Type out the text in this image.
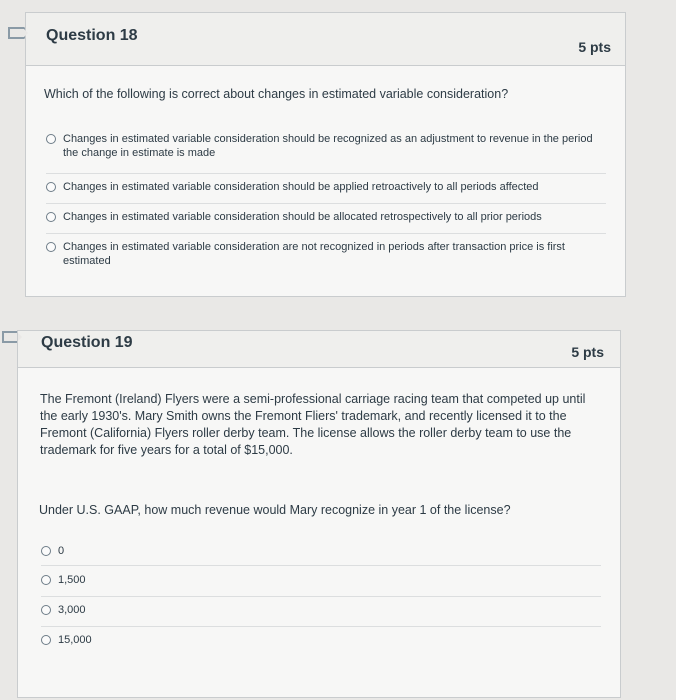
Question 18
5 pts
Which of the following is correct about changes in estimated variable consideration?
Changes in estimated variable consideration should be recognized as an adjustment to revenue in the period the change in estimate is made
Changes in estimated variable consideration should be applied retroactively to all periods affected
Changes in estimated variable consideration should be allocated retrospectively to all prior periods
Changes in estimated variable consideration are not recognized in periods after transaction price is first estimated
Question 19
5 pts
The Fremont (Ireland) Flyers were a semi-professional carriage racing team that competed up until the early 1930's. Mary Smith owns the Fremont Fliers' trademark, and recently licensed it to the Fremont (California) Flyers roller derby team. The license allows the roller derby team to use the trademark for five years for a total of $15,000.
Under U.S. GAAP, how much revenue would Mary recognize in year 1 of the license?
0
1,500
3,000
15,000
